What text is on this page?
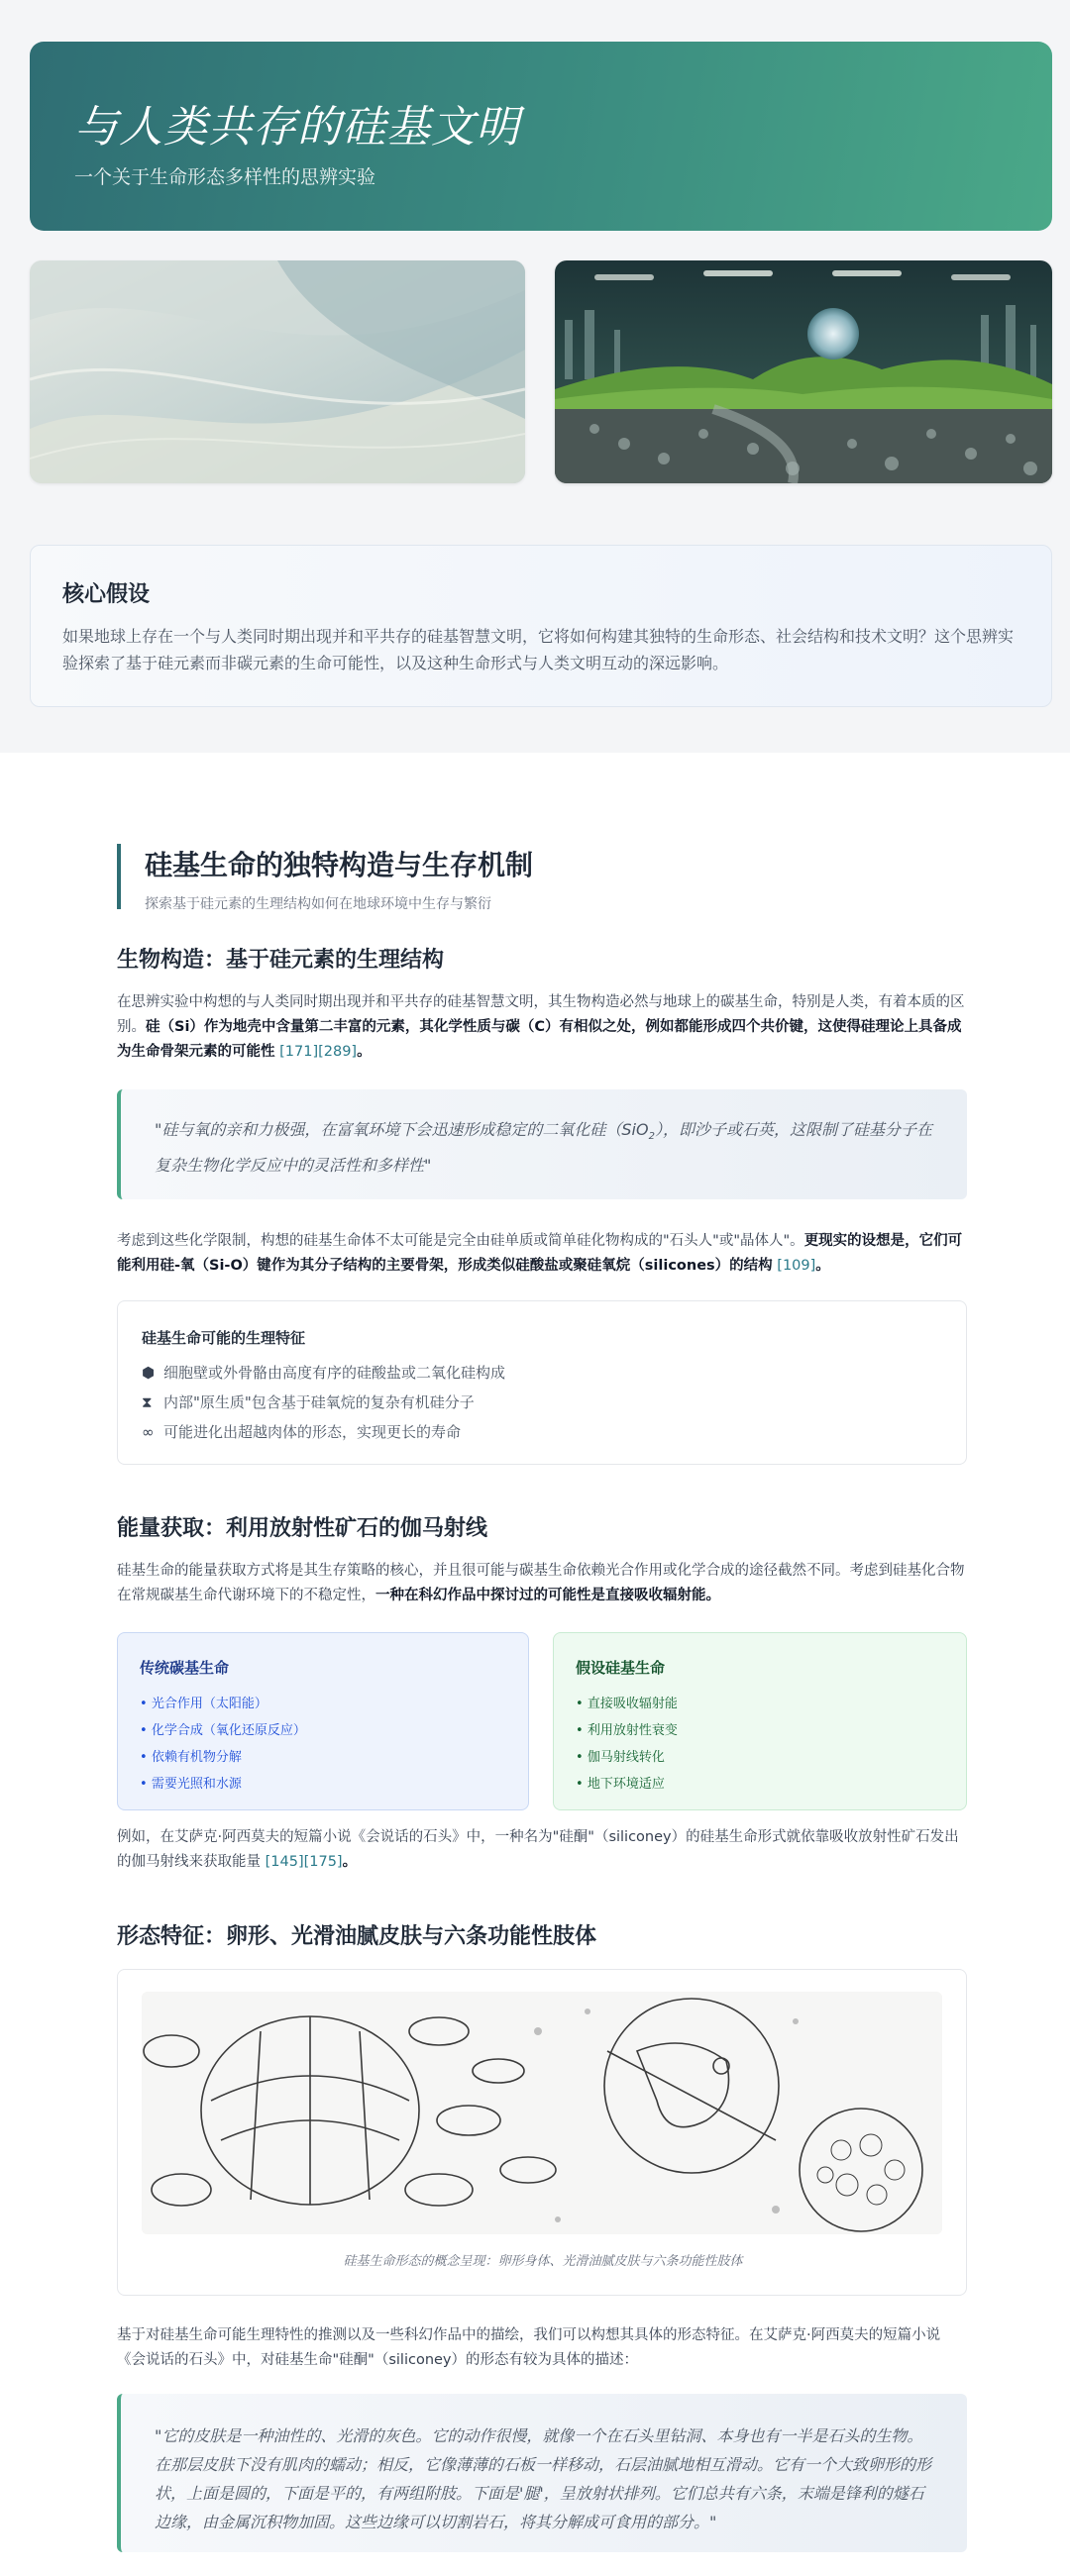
与人类共存的硅基文明

一个关于生命形态多样性的思辨实验

核心假设

如果地球上存在一个与人类同时期出现并和平共存的硅基智慧文明，它将如何构建其独特的生命形态、社会结构和技术文明？这个思辨实验探索了基于硅元素而非碳元素的生命可能性，以及这种生命形式与人类文明互动的深远影响。

硅基生命的独特构造与生存机制

探索基于硅元素的生理结构如何在地球环境中生存与繁衍

生物构造：基于硅元素的生理结构

在思辨实验中构想的与人类同时期出现并和平共存的硅基智慧文明，其生物构造必然与地球上的碳基生命，特别是人类，有着本质的区别。硅（Si）作为地壳中含量第二丰富的元素，其化学性质与碳（C）有相似之处，例如都能形成四个共价键，这使得硅理论上具备成为生命骨架元素的可能性 [171][289]。

"硅与氧的亲和力极强，在富氧环境下会迅速形成稳定的二氧化硅（SiO$_2$），即沙子或石英，这限制了硅基分子在复杂生物化学反应中的灵活性和多样性"

考虑到这些化学限制，构想的硅基生命体不太可能是完全由硅单质或简单硅化物构成的"石头人"或"晶体人"。更现实的设想是，它们可能利用硅-氧（Si-O）键作为其分子结构的主要骨架，形成类似硅酸盐或聚硅氧烷（silicones）的结构 [109]。

硅基生命可能的生理特征
⬢ 细胞壁或外骨骼由高度有序的硅酸盐或二氧化硅构成
⧗ 内部"原生质"包含基于硅氧烷的复杂有机硅分子
∞ 可能进化出超越肉体的形态，实现更长的寿命
能量获取：利用放射性矿石的伽马射线

硅基生命的能量获取方式将是其生存策略的核心，并且很可能与碳基生命依赖光合作用或化学合成的途径截然不同。考虑到硅基化合物在常规碳基生命代谢环境下的不稳定性，一种在科幻作品中探讨过的可能性是直接吸收辐射能。

传统碳基生命
• 光合作用（太阳能）
• 化学合成（氧化还原反应）
• 依赖有机物分解
• 需要光照和水源
假设硅基生命
• 直接吸收辐射能
• 利用放射性衰变
• 伽马射线转化
• 地下环境适应

例如，在艾萨克·阿西莫夫的短篇小说《会说话的石头》中，一种名为"硅酮"（siliconey）的硅基生命形式就依靠吸收放射性矿石发出的伽马射线来获取能量 [145][175]。

形态特征：卵形、光滑油腻皮肤与六条功能性肢体
硅基生命形态的概念呈现：卵形身体、光滑油腻皮肤与六条功能性肢体

基于对硅基生命可能生理特性的推测以及一些科幻作品中的描绘，我们可以构想其具体的形态特征。在艾萨克·阿西莫夫的短篇小说《会说话的石头》中，对硅基生命"硅酮"（siliconey）的形态有较为具体的描述：

"它的皮肤是一种油性的、光滑的灰色。它的动作很慢，就像一个在石头里钻洞、本身也有一半是石头的生物。在那层皮肤下没有肌肉的蠕动；相反，它像薄薄的石板一样移动，石层油腻地相互滑动。它有一个大致卵形的形状，上面是圆的，下面是平的，有两组附肢。下面是'腿'，呈放射状排列。它们总共有六条，末端是锋利的燧石边缘，由金属沉积物加固。这些边缘可以切割岩石，将其分解成可食用的部分。"
